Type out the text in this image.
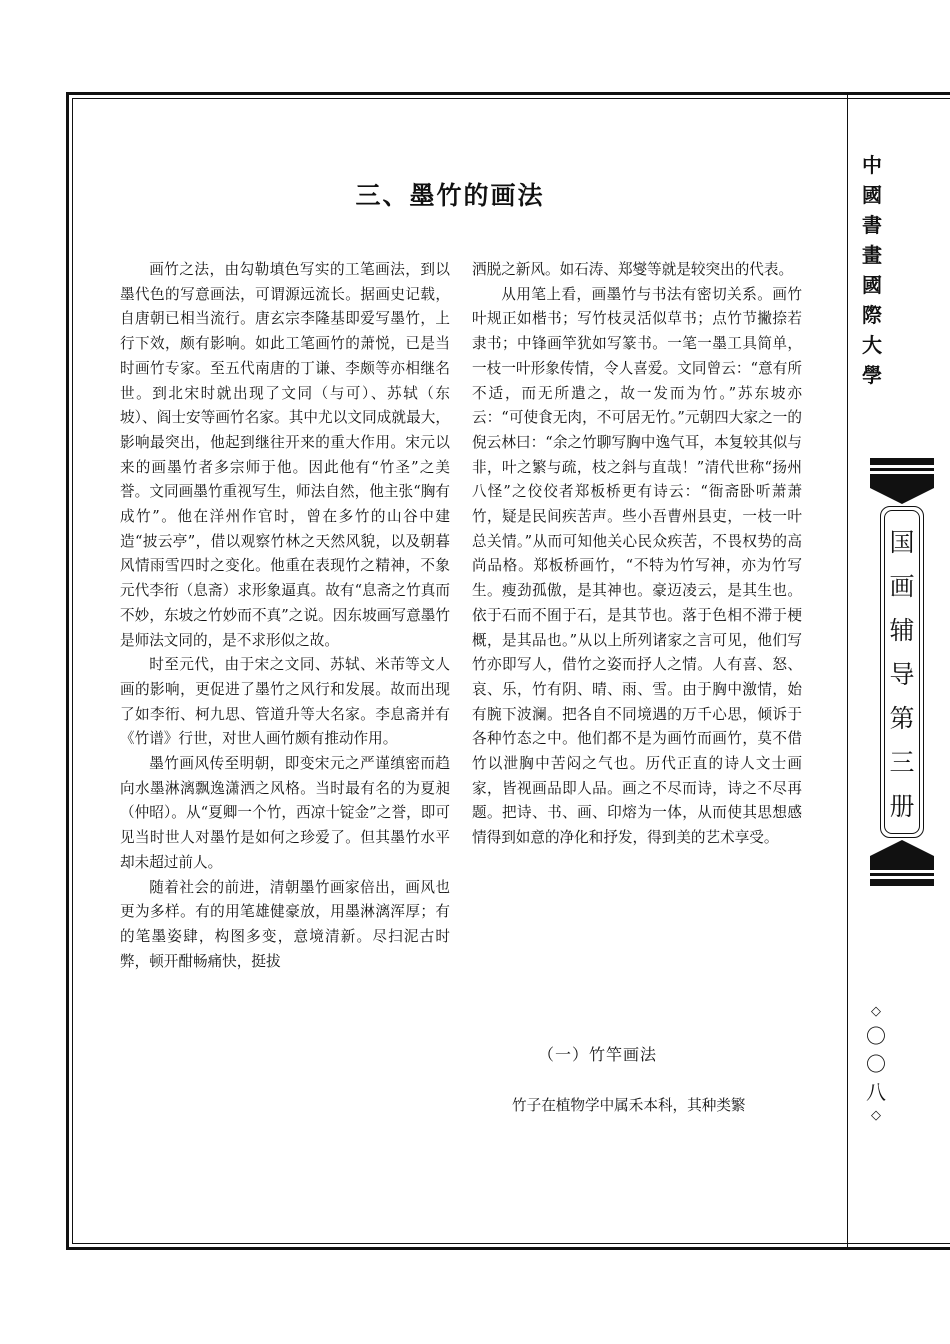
三、墨竹的画法

画竹之法，由勾勒填色写实的工笔画法，到以墨代色的写意画法，可谓源远流长。据画史记载，自唐朝已相当流行。唐玄宗李隆基即爱写墨竹，上行下效，颇有影响。如此工笔画竹的萧悦，已是当时画竹专家。至五代南唐的丁谦、李颇等亦相继名世。到北宋时就出现了文同（与可）、苏轼（东坡）、阎士安等画竹名家。其中尤以文同成就最大，影响最突出，他起到继往开来的重大作用。宋元以来的画墨竹者多宗师于他。因此他有“竹圣”之美誉。文同画墨竹重视写生，师法自然，他主张“胸有成竹”。他在洋州作官时，曾在多竹的山谷中建造“披云亭”，借以观察竹林之天然风貌，以及朝暮风情雨雪四时之变化。他重在表现竹之精神，不象元代李衎（息斋）求形象逼真。故有“息斋之竹真而不妙，东坡之竹妙而不真”之说。因东坡画写意墨竹是师法文同的，是不求形似之故。

时至元代，由于宋之文同、苏轼、米芾等文人画的影响，更促进了墨竹之风行和发展。故而出现了如李衎、柯九思、管道升等大名家。李息斋并有《竹谱》行世，对世人画竹颇有推动作用。

墨竹画风传至明朝，即变宋元之严谨缜密而趋向水墨淋漓飘逸潇洒之风格。当时最有名的为夏昶（仲昭）。从“夏卿一个竹，西凉十锭金”之誉，即可见当时世人对墨竹是如何之珍爱了。但其墨竹水平却未超过前人。

随着社会的前进，清朝墨竹画家倍出，画风也更为多样。有的用笔雄健豪放，用墨淋漓浑厚；有的笔墨姿肆，构图多变，意境清新。尽扫泥古时弊，顿开酣畅痛快，挺拔

洒脱之新风。如石涛、郑燮等就是较突出的代表。

从用笔上看，画墨竹与书法有密切关系。画竹叶规正如楷书；写竹枝灵活似草书；点竹节撇捺若隶书；中锋画竿犹如写篆书。一笔一墨工具简单，一枝一叶形象传情，令人喜爱。文同曾云：“意有所不适，而无所遣之，故一发而为竹。”苏东坡亦云：“可使食无肉，不可居无竹。”元朝四大家之一的倪云林曰：“余之竹聊写胸中逸气耳，本复较其似与非，叶之繁与疏，枝之斜与直哉！”清代世称“扬州八怪”之佼佼者郑板桥更有诗云：“衙斋卧听萧萧竹，疑是民间疾苦声。些小吾曹州县吏，一枝一叶总关情。”从而可知他关心民众疾苦，不畏权势的高尚品格。郑板桥画竹，“不特为竹写神，亦为竹写生。瘦劲孤傲，是其神也。豪迈凌云，是其生也。依于石而不囿于石，是其节也。落于色相不滞于梗概，是其品也。”从以上所列诸家之言可见，他们写竹亦即写人，借竹之姿而抒人之情。人有喜、怒、哀、乐，竹有阴、晴、雨、雪。由于胸中激情，始有腕下波澜。把各自不同境遇的万千心思，倾诉于各种竹态之中。他们都不是为画竹而画竹，莫不借竹以泄胸中苦闷之气也。历代正直的诗人文士画家，皆视画品即人品。画之不尽而诗，诗之不尽再题。把诗、书、画、印熔为一体，从而使其思想感情得到如意的净化和抒发，得到美的艺术享受。

（一）竹竿画法
竹子在植物学中属禾本科，其种类繁
中
國
書
畫
國
際
大
學
国
画
辅
导
第
三
册
◇
〇
〇
八
◇
